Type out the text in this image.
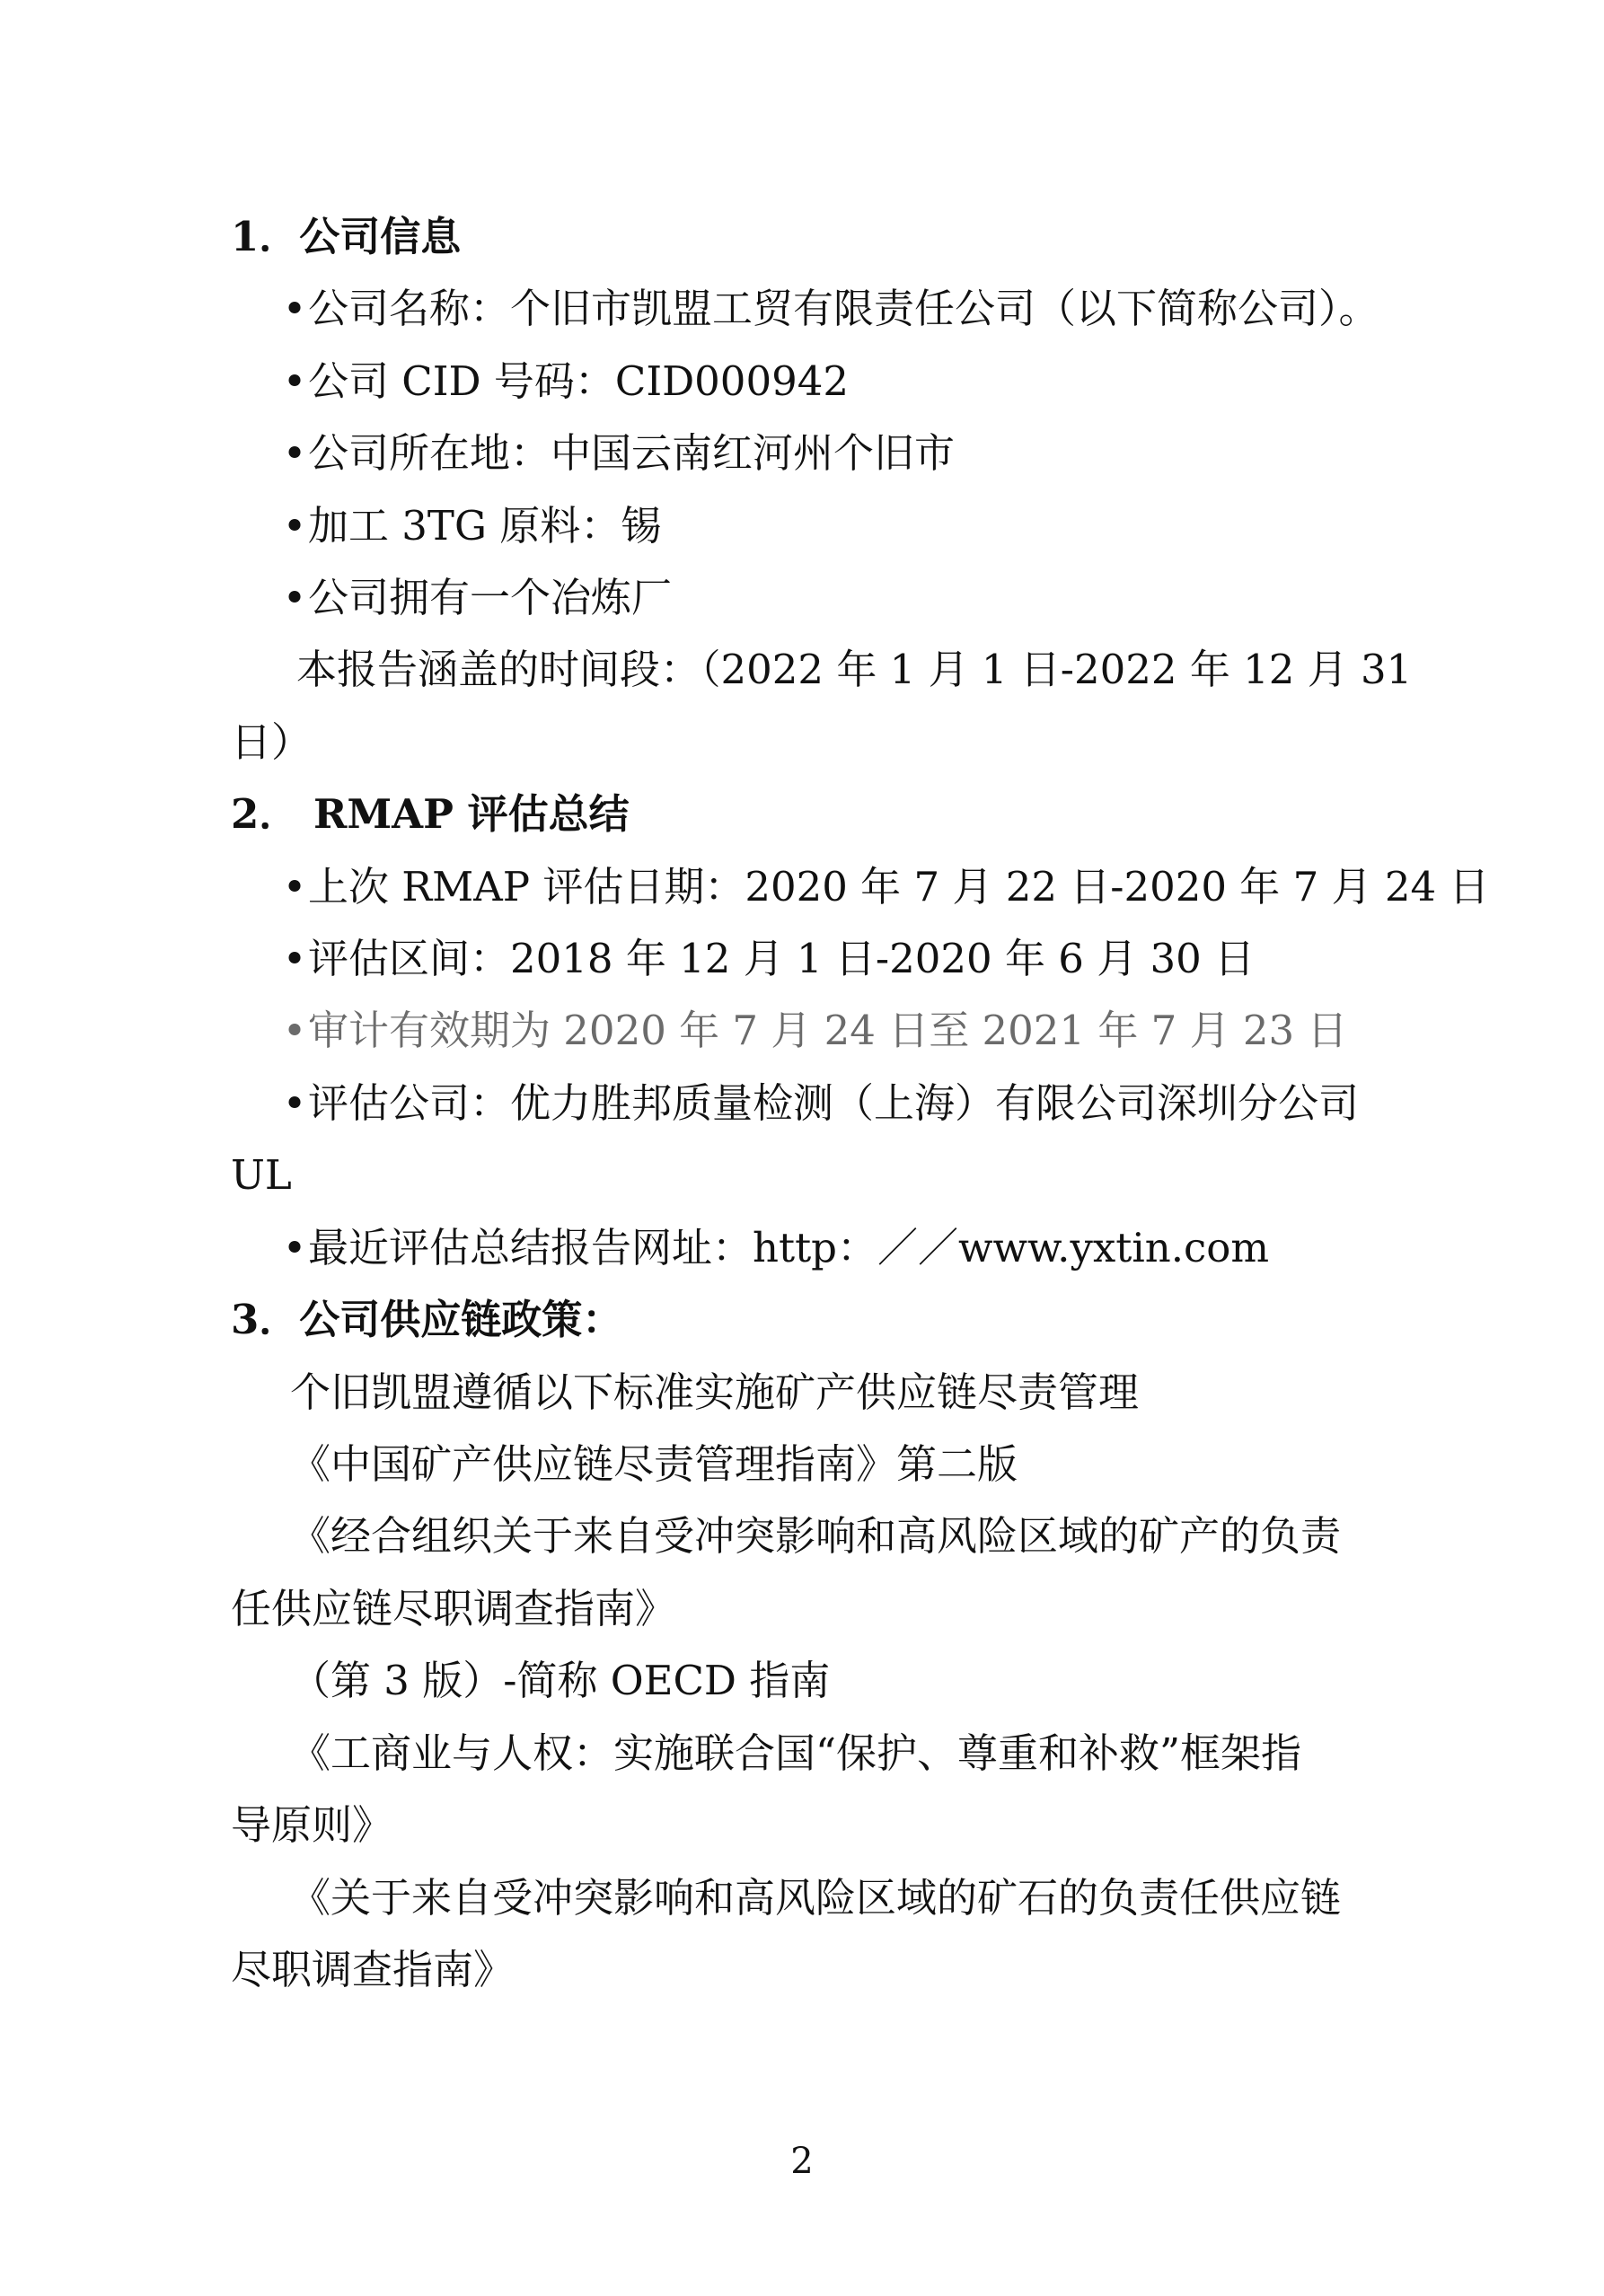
1．公司信息
•公司名称：个旧市凯盟工贸有限责任公司（以下简称公司）。
•公司 CID 号码：CID000942
•公司所在地：中国云南红河州个旧市
•加工 3TG 原料：锡
•公司拥有一个冶炼厂
本报告涵盖的时间段：（2022 年 1 月 1 日-2022 年 12 月 31
日）
2． RMAP 评估总结
•上次 RMAP 评估日期：2020 年 7 月 22 日-2020 年 7 月 24 日
•评估区间：2018 年 12 月 1 日-2020 年 6 月 30 日
•审计有效期为 2020 年 7 月 24 日至 2021 年 7 月 23 日
•评估公司：优力胜邦质量检测（上海）有限公司深圳分公司
UL
•最近评估总结报告网址：http：／／www.yxtin.com
3．公司供应链政策：
个旧凯盟遵循以下标准实施矿产供应链尽责管理
《中国矿产供应链尽责管理指南》第二版
《经合组织关于来自受冲突影响和高风险区域的矿产的负责
任供应链尽职调查指南》
（第 3 版）-简称 OECD 指南
《工商业与人权：实施联合国“保护、尊重和补救”框架指
导原则》
《关于来自受冲突影响和高风险区域的矿石的负责任供应链
尽职调查指南》
2
